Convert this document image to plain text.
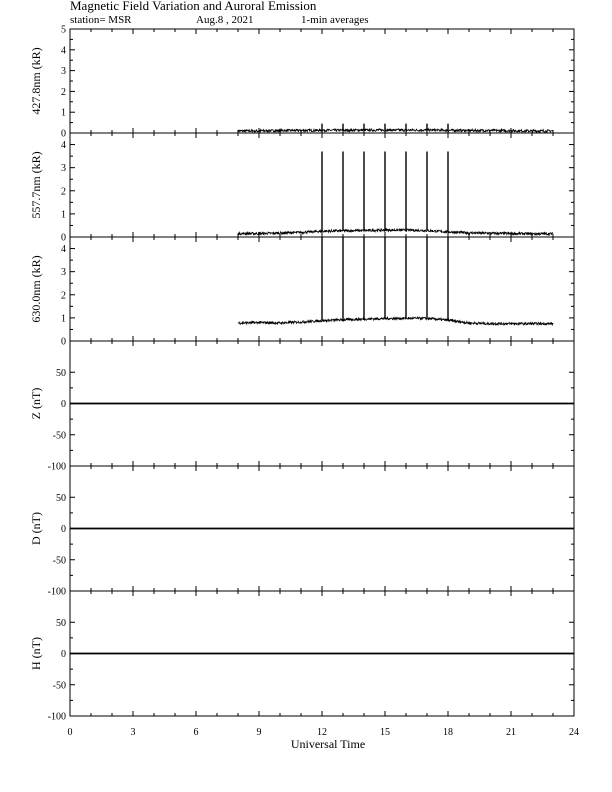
Magnetic Field Variation and Auroral Emission
station= MSR	Aug.8 , 2021	1-min averages
0
1
2
3
4
5
427.8nm (kR)
0
1
2
3
4
557.7nm (kR)
0
1
2
3
4
630.0nm (kR)
-100
-50
0
50
Z (nT)
-100
-50
0
50
D (nT)
-100
-50
0
50
H (nT)
0	3	6	9	12	15	18	21	24
Universal Time
